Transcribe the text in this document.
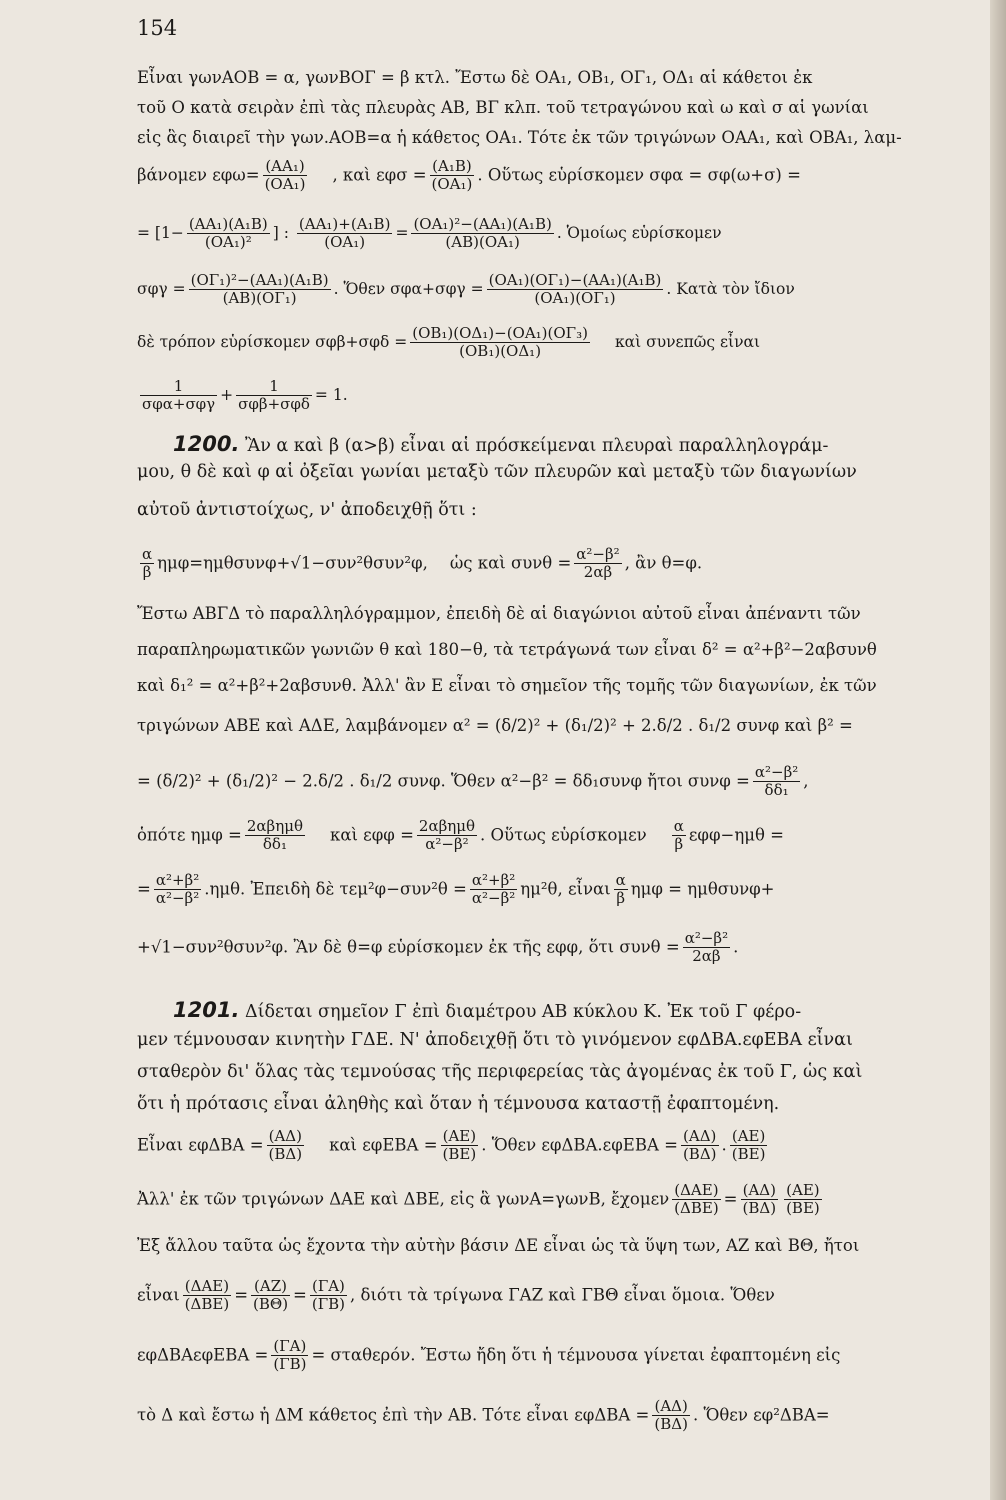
154
Εἶναι γωνΑΟΒ = α, γωνΒΟΓ = β κτλ. Ἔστω δὲ ΟΑ₁, ΟΒ₁, ΟΓ₁, ΟΔ₁ αἱ κάθετοι ἐκ
τοῦ Ο κατὰ σειρὰν ἐπὶ τὰς πλευρὰς ΑΒ, ΒΓ κλπ. τοῦ τετραγώνου καὶ ω καὶ σ αἱ γωνίαι
εἰς ἃς διαιρεῖ τὴν γων.ΑΟΒ=α ἡ κάθετος ΟΑ₁. Τότε ἐκ τῶν τριγώνων ΟΑΑ₁, καὶ ΟΒΑ₁, λαμ-
βάνομεν $\varepsilon\varphi\omega= \frac{\text{(ΑΑ₁)}}{\text{(ΟΑ₁)}}$ , καὶ $\varepsilon\varphi\sigma = \frac{\text{(Α₁Β)}}{\text{(ΟΑ₁)}}$ . Οὕτως εὑρίσκομεν σφα = σφ(ω+σ) =
= [$1- \frac{\text{(ΑΑ₁)(Α₁Β)}}{\text{(ΟΑ₁)²}}$ ] : $\frac{\text{(ΑΑ₁)+(Α₁Β)}}{\text{(ΟΑ₁)}} = \frac{\text{(ΟΑ₁)²−(ΑΑ₁)(Α₁Β)}}{\text{(ΑΒ)(ΟΑ₁)}}$ . Ὁμοίως εὑρίσκομεν
$\sigma\varphi\gamma = \frac{\text{(ΟΓ₁)²−(ΑΑ₁)(Α₁Β)}}{\text{(ΑΒ)(ΟΓ₁)}}$ . Ὅθεν $\sigma\varphi\alpha+\sigma\varphi\gamma = \frac{\text{(ΟΑ₁)(ΟΓ₁)−(ΑΑ₁)(Α₁Β)}}{\text{(ΟΑ₁)(ΟΓ₁)}}$ . Κατὰ τὸν ἴδιον
δὲ τρόπον εὑρίσκομεν $\sigma\varphi\beta+\sigma\varphi\delta = \frac{\text{(ΟΒ₁)(ΟΔ₁)−(ΟΑ₁)(ΟΓ₃)}}{\text{(ΟΒ₁)(ΟΔ₁)}}$ καὶ συνεπῶς εἶναι
$\frac{1}{\text{σφα+σφγ}} + \frac{1}{\text{σφβ+σφδ}} = 1$.
1200. Ἂν α καὶ β (α>β) εἶναι αἱ πρόσκείμεναι πλευραὶ παραλληλογράμ-
μου, θ δὲ καὶ φ αἱ ὀξεῖαι γωνίαι μεταξὺ τῶν πλευρῶν καὶ μεταξὺ τῶν διαγωνίων
αὐτοῦ ἀντιστοίχως, ν' ἀποδειχθῇ ὅτι :
$\frac{\alpha}{\beta} \eta\mu\varphi=\eta\mu\theta\sigma\upsilon\nu\varphi+√1-\sigma\upsilon\nu^2\theta\sigma\upsilon\nu^2\varphi$, ὡς καὶ $\sigma\upsilon\nu\theta = \frac{\text{α²−β²}}{2\alpha\beta}$ , ἂν θ=φ.
Ἔστω ΑΒΓΔ τὸ παραλληλόγραμμον, ἐπειδὴ δὲ αἱ διαγώνιοι αὐτοῦ εἶναι ἀπέναντι τῶν
παραπληρωματικῶν γωνιῶν θ καὶ 180−θ, τὰ τετράγωνά των εἶναι δ² = α²+β²−2αβσυνθ
καὶ δ₁² = α²+β²+2αβσυνθ. Ἀλλ' ἂν Ε εἶναι τὸ σημεῖον τῆς τομῆς τῶν διαγωνίων, ἐκ τῶν
τριγώνων ΑΒΕ καὶ ΑΔΕ, λαμβάνομεν α² = (δ/2)² + (δ₁/2)² + 2.δ/2 . δ₁/2 συνφ καὶ β² =
= (δ/2)² + (δ₁/2)² − 2.δ/2 . δ₁/2 συνφ. Ὅθεν α²−β² = δδ₁συνφ ἤτοι $\sigma\upsilon\nu\varphi = \frac{\text{α²−β²}}{\text{δδ₁}}$ ,
ὁπότε $\eta\mu\varphi = \frac{\text{2αβημθ}}{\text{δδ₁}}$ καὶ $\varepsilon\varphi\varphi = \frac{\text{2αβημθ}}{\text{α²−β²}}$ . Οὕτως εὑρίσκομεν $\frac{\alpha}{\beta} \varepsilon\varphi\varphi-\eta\mu\theta$ =
= $\frac{\text{α²+β²}}{\text{α²−β²}} .\eta\mu\theta$. Ἐπειδὴ δὲ $\tau\varepsilon\mu^2\varphi-\sigma\upsilon\nu^2\theta = \frac{\text{α²+β²}}{\text{α²−β²}} \eta\mu^2\theta$, εἶναι $\frac{\alpha}{\beta}$ ημφ = ημθσυνφ+
+√1−συν²θσυν²φ. Ἂν δὲ θ=φ εὑρίσκομεν ἐκ τῆς εφφ, ὅτι $\sigma\upsilon\nu\theta = \frac{\text{α²−β²}}{2\alpha\beta}$ .
1201. Δίδεται σημεῖον Γ ἐπὶ διαμέτρου ΑΒ κύκλου Κ. Ἐκ τοῦ Γ φέρο-
μεν τέμνουσαν κινητὴν ΓΔΕ. Ν' ἀποδειχθῇ ὅτι τὸ γινόμενον εφΔΒΑ.εφΕΒΑ εἶναι
σταθερὸν δι' ὅλας τὰς τεμνούσας τῆς περιφερείας τὰς ἀγομένας ἐκ τοῦ Γ, ὡς καὶ
ὅτι ἡ πρότασις εἶναι ἀληθὴς καὶ ὅταν ἡ τέμνουσα καταστῇ ἐφαπτομένη.
Εἶναι $\varepsilon\varphi\Delta BA = \frac{(A\Delta)}{(B\Delta)}$ καὶ $\varepsilon\varphi EBA = \frac{(AE)}{(BE)}$ . Ὅθεν $\varepsilon\varphi\Delta BA.\varepsilon\varphi EBA = \frac{(A\Delta)}{(B\Delta)}$ . $\frac{(AE)}{(BE)}$
Ἀλλ' ἐκ τῶν τριγώνων ΔΑΕ καὶ ΔΒΕ, εἰς ἃ γωνΑ=γωνΒ, ἔχομεν $\frac{\text{(ΔΑΕ)}}{\text{(ΔΒΕ)}} = \frac{(A\Delta)}{(B\Delta)} \frac{(AE)}{(BE)}$
Ἐξ ἄλλου ταῦτα ὡς ἔχοντα τὴν αὐτὴν βάσιν ΔΕ εἶναι ὡς τὰ ὕψη των, ΑΖ καὶ ΒΘ, ἤτοι
εἶναι $\frac{\text{(ΔΑΕ)}}{\text{(ΔΒΕ)}} = \frac{(AZ)}{(B\Theta)} = \frac{(\Gamma A)}{(\Gamma B)}$ , διότι τὰ τρίγωνα ΓΑΖ καὶ ΓΒΘ εἶναι ὅμοια. Ὅθεν
$\varepsilon\varphi\Delta BA\varepsilon\varphi EBA = \frac{(\Gamma A)}{(\Gamma B)} = \sigma\tau\alpha\theta\varepsilon\rho ό\nu$. Ἔστω ἤδη ὅτι ἡ τέμνουσα γίνεται ἐφαπτομένη εἰς
τὸ Δ καὶ ἔστω ἡ ΔΜ κάθετος ἐπὶ τὴν ΑΒ. Τότε εἶναι $\varepsilon\varphi\Delta BA = \frac{(A\Delta)}{(B\Delta)}$ . Ὅθεν εφ²ΔΒΑ=
